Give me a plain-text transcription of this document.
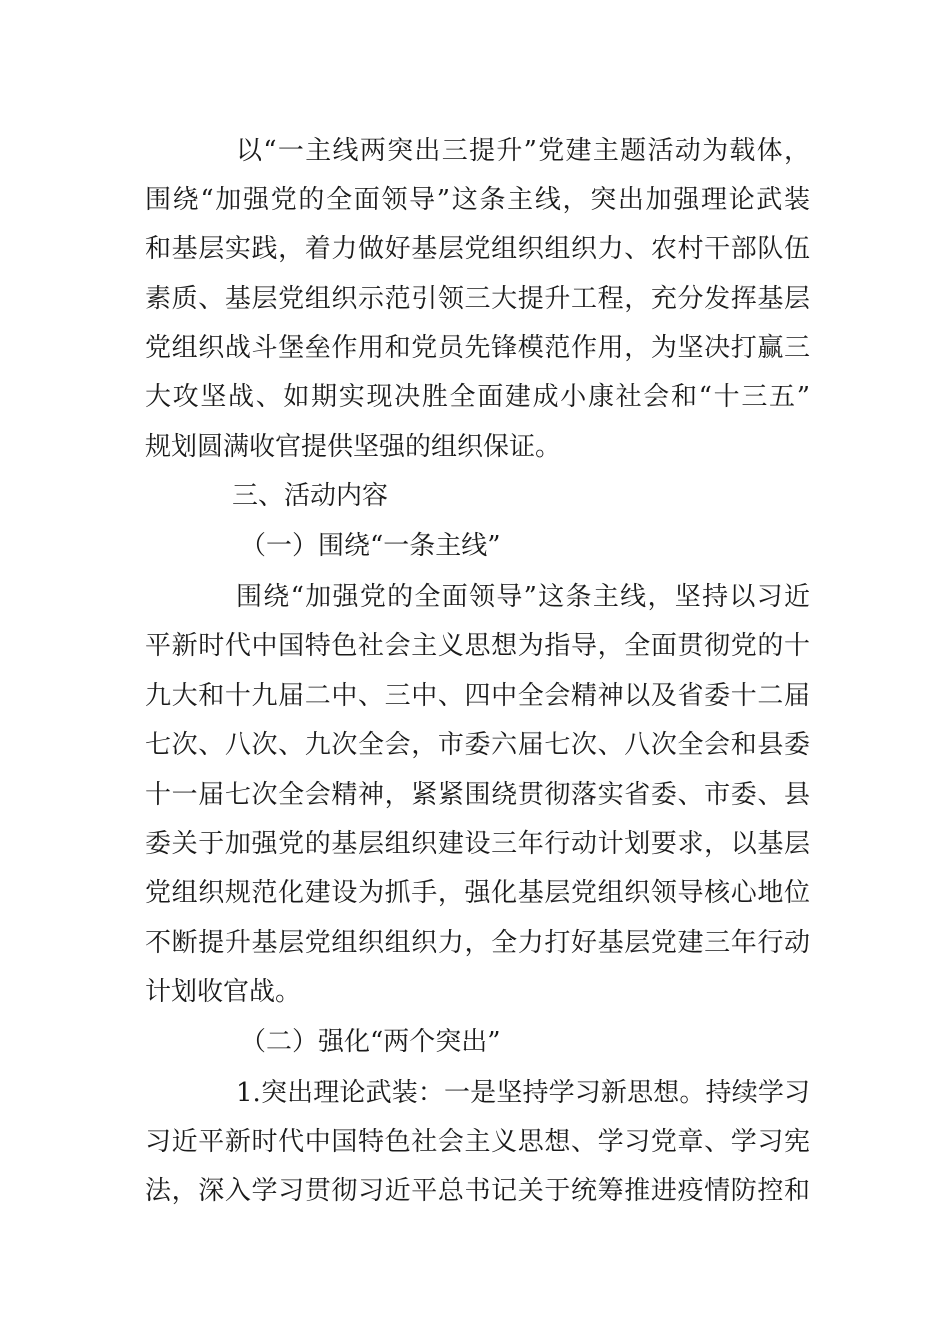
以“一主线两突出三提升”党建主题活动为载体，
围绕“加强党的全面领导”这条主线，突出加强理论武装
和基层实践，着力做好基层党组织组织力、农村干部队伍
素质、基层党组织示范引领三大提升工程，充分发挥基层
党组织战斗堡垒作用和党员先锋模范作用，为坚决打赢三
大攻坚战、如期实现决胜全面建成小康社会和“十三五”
规划圆满收官提供坚强的组织保证。
三、活动内容
（一）围绕“一条主线”
围绕“加强党的全面领导”这条主线，坚持以习近
平新时代中国特色社会主义思想为指导，全面贯彻党的十
九大和十九届二中、三中、四中全会精神以及省委十二届
七次、八次、九次全会，市委六届七次、八次全会和县委
十一届七次全会精神，紧紧围绕贯彻落实省委、市委、县
委关于加强党的基层组织建设三年行动计划要求，以基层
党组织规范化建设为抓手，强化基层党组织领导核心地位
不断提升基层党组织组织力，全力打好基层党建三年行动
计划收官战。
（二）强化“两个突出”
1.突出理论武装：一是坚持学习新思想。持续学习
习近平新时代中国特色社会主义思想、学习党章、学习宪
法，深入学习贯彻习近平总书记关于统筹推进疫情防控和
